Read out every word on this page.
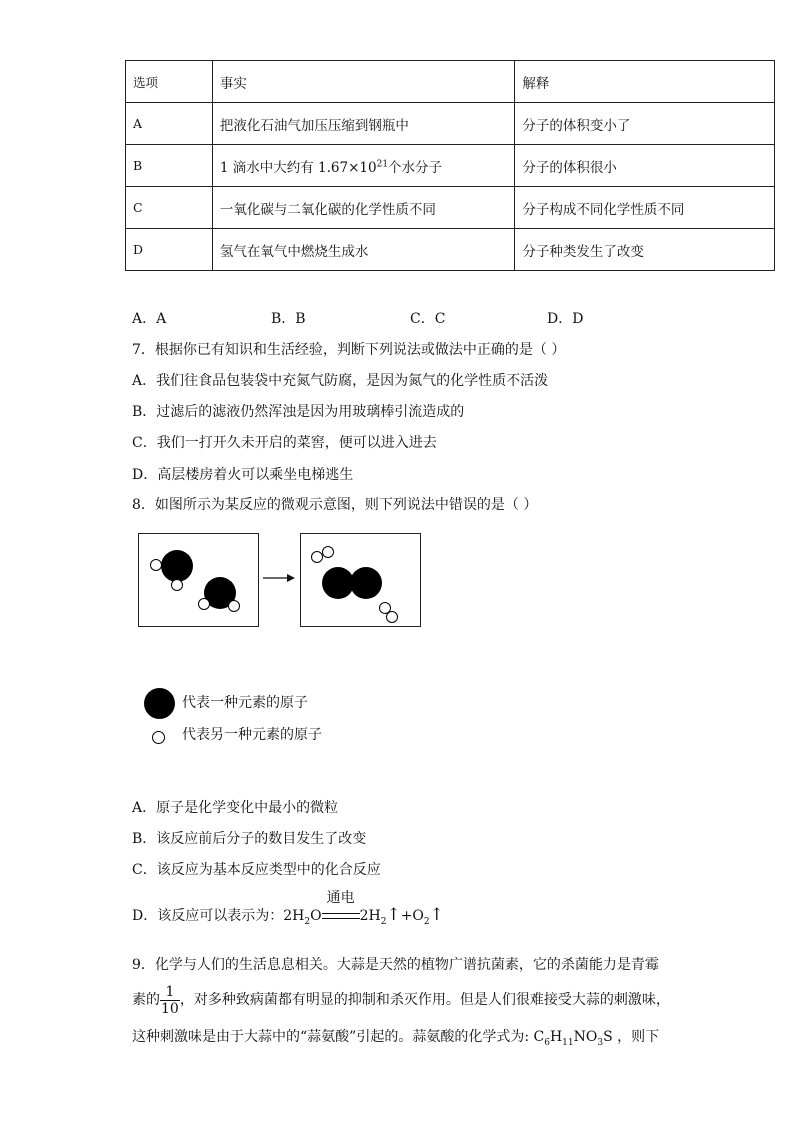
选项	事实	解释
A	把液化石油气加压压缩到钢瓶中	分子的体积变小了
B	1 滴水中大约有 $1.67\times 10^{21}$个水分子	分子的体积很小
C	一氧化碳与二氧化碳的化学性质不同	分子构成不同化学性质不同
D	氢气在氧气中燃烧生成水	分子种类发生了改变
A．A	B．B	C．C	D．D
7．根据你已有知识和生活经验，判断下列说法或做法中正确的是（ ）
A．我们往食品包装袋中充氮气防腐，是因为氮气的化学性质不活泼
B．过滤后的滤液仍然浑浊是因为用玻璃棒引流造成的
C．我们一打开久未开启的菜窖，便可以进入进去
D．高层楼房着火可以乘坐电梯逃生
8．如图所示为某反应的微观示意图，则下列说法中错误的是（ ）
代表一种元素的原子
代表另一种元素的原子
A．原子是化学变化中最小的微粒
B．该反应前后分子的数目发生了改变
C．该反应为基本反应类型中的化合反应
D．该反应可以表示为：$2H_2O$
通电
$2H_2↑+O_2↑$
9．化学与人们的生活息息相关。大蒜是天然的植物广谱抗菌素，它的杀菌能力是青霉
素的 $\frac{1}{10}$ ，对多种致病菌都有明显的抑制和杀灭作用。但是人们很难接受大蒜的刺激味，
这种刺激味是由于大蒜中的“蒜氨酸”引起的。蒜氨酸的化学式为: $C_6H_{11}NO_3S$ ，则下
